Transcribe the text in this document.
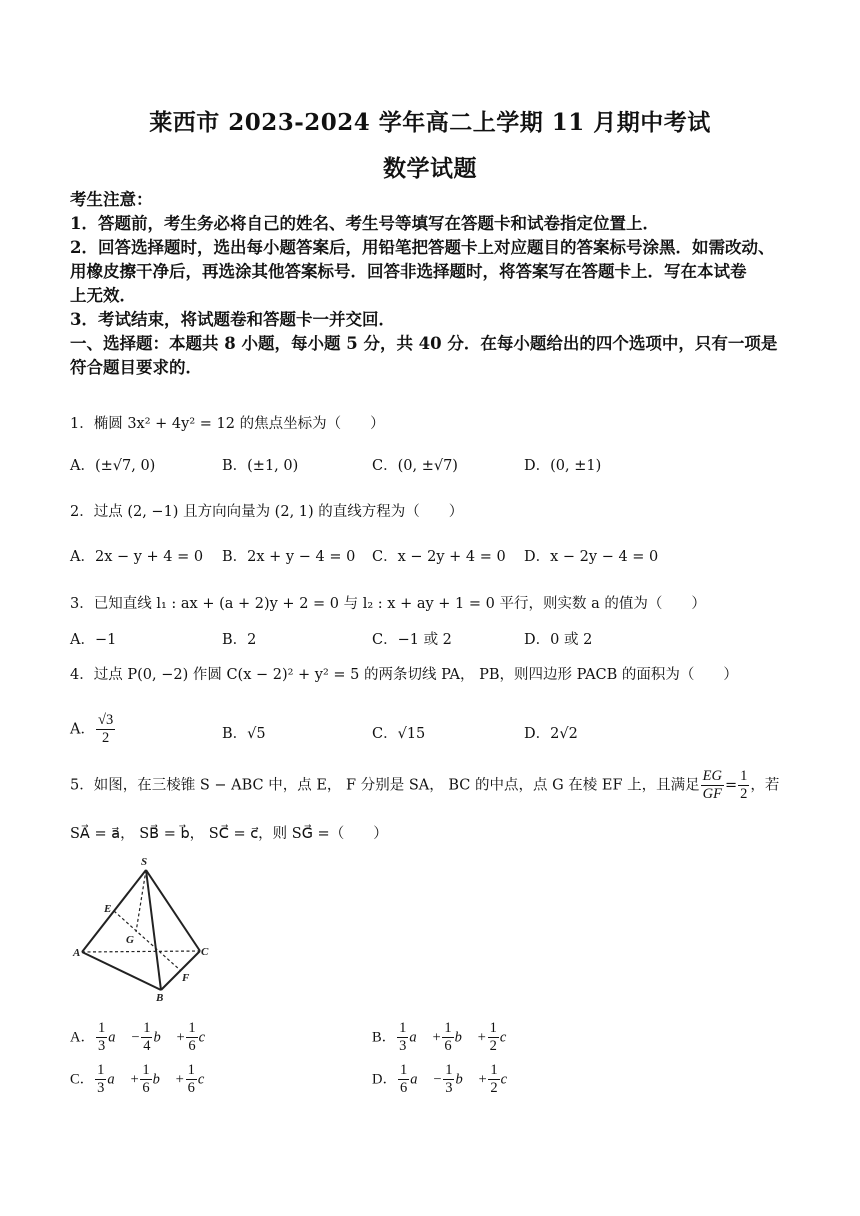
莱西市 2023-2024 学年高二上学期 11 月期中考试
数学试题
考生注意：
1．答题前，考生务必将自己的姓名、考生号等填写在答题卡和试卷指定位置上．
2．回答选择题时，选出每小题答案后，用铅笔把答题卡上对应题目的答案标号涂黑．如需改动、
用橡皮擦干净后，再选涂其他答案标号．回答非选择题时，将答案写在答题卡上．写在本试卷
上无效．
3．考试结束，将试题卷和答题卡一并交回．
一、选择题：本题共 8 小题，每小题 5 分，共 40 分．在每小题给出的四个选项中，只有一项是
符合题目要求的．
1．椭圆 3x² + 4y² = 12 的焦点坐标为（　　）
A．(±√7, 0)	B．(±1, 0)	C．(0, ±√7)	D．(0, ±1)
2．过点 (2, −1) 且方向向量为 (2, 1) 的直线方程为（　　）
A．2x − y + 4 = 0 B．2x + y − 4 = 0 C．x − 2y + 4 = 0 D．x − 2y − 4 = 0
3．已知直线 l₁ : ax + (a + 2)y + 2 = 0 与 l₂ : x + ay + 1 = 0 平行，则实数 a 的值为（　　）
A．−1	B．2	C．−1 或 2	D．0 或 2
4．过点 P(0, −2) 作圆 C(x − 2)² + y² = 5 的两条切线 PA， PB，则四边形 PACB 的面积为（　　）
A． $\frac{√3}{2}$	B．√5	C．√15	D．2√2
5．如图，在三棱锥 S − ABC 中，点 E， F 分别是 SA， BC 的中点，点 G 在棱 EF 上，且满足 $\frac{EG}{GF} = \frac{1}{2}$ ，若
SA⃗ = a⃗， SB⃗ = b⃗， SC⃗ = c⃗，则 SG⃗ =（　　）
S
E
G
A	C
F
B
A． $\frac{1}{3}$ a⃗ − $\frac{1}{4}$ b⃗ + $\frac{1}{6}$ c⃗	B． $\frac{1}{3}$ a⃗ + $\frac{1}{6}$ b⃗ + $\frac{1}{2}$ c⃗
C． $\frac{1}{3}$ a⃗ + $\frac{1}{6}$ b⃗ + $\frac{1}{6}$ c⃗	D． $\frac{1}{6}$ a⃗ − $\frac{1}{3}$ b⃗ + $\frac{1}{2}$ c⃗
